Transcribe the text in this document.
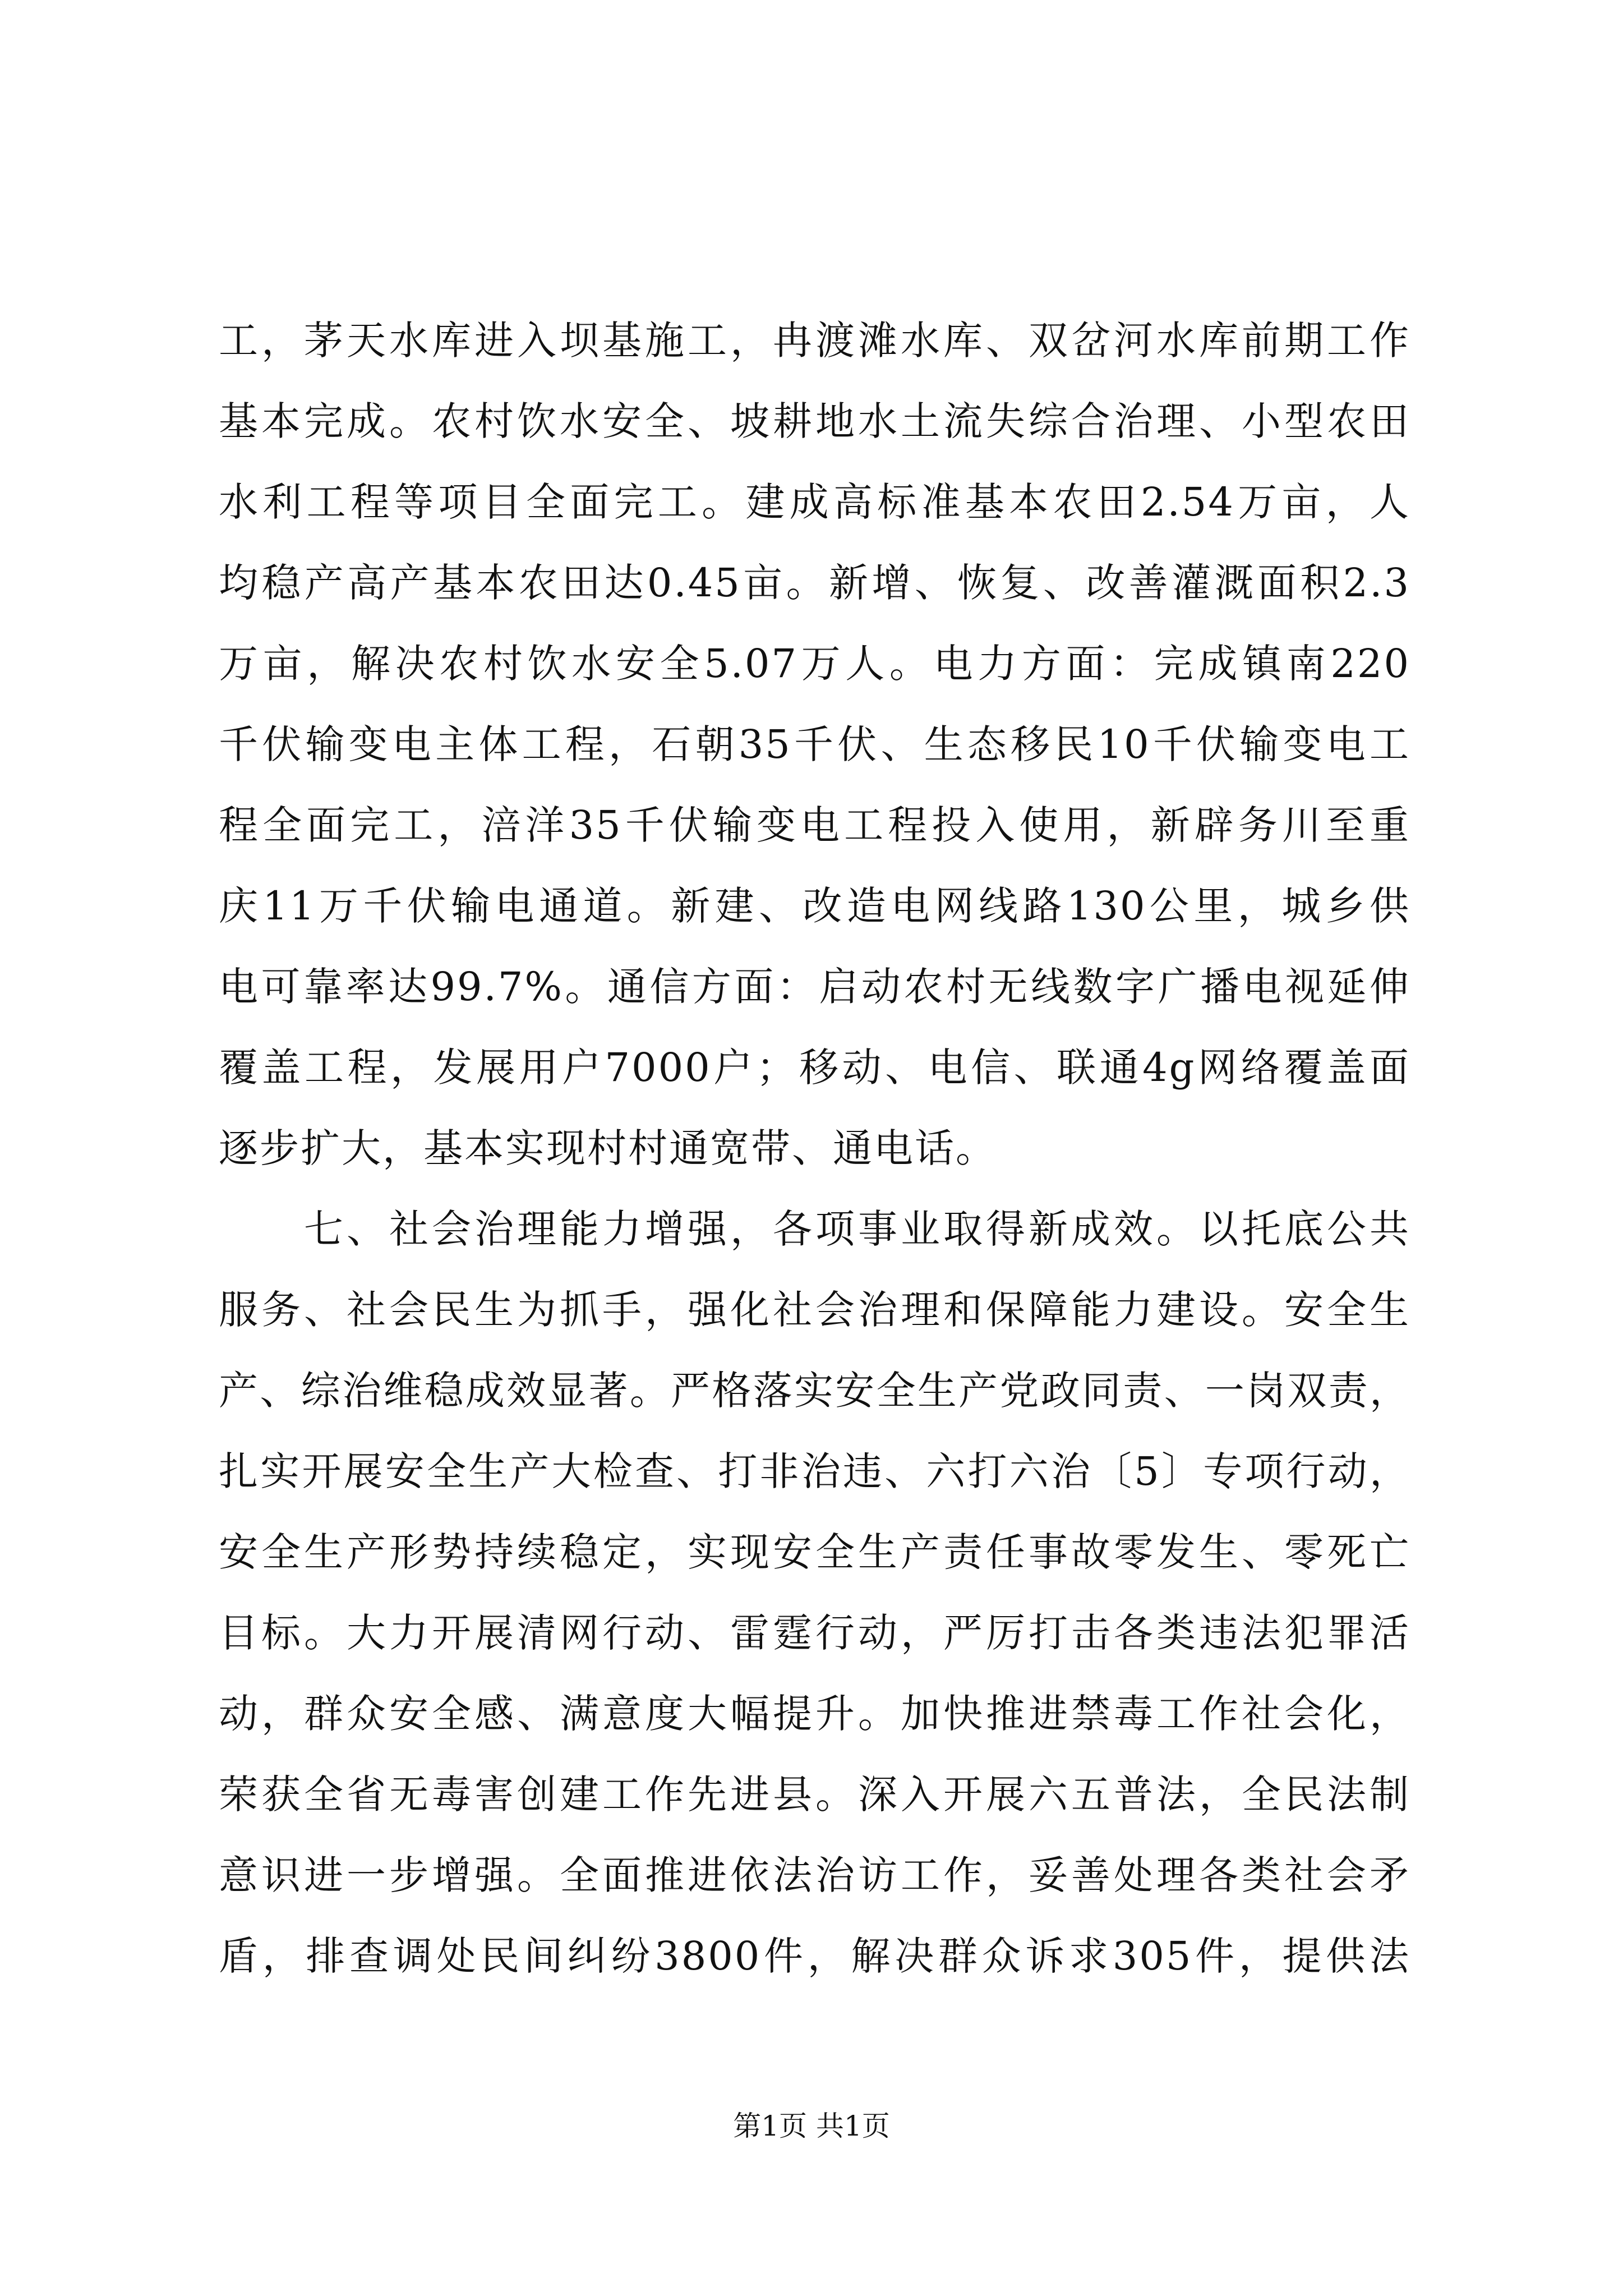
工，茅天水库进入坝基施工，冉渡滩水库、双岔河水库前期工作
基本完成。农村饮水安全、坡耕地水土流失综合治理、小型农田
水利工程等项目全面完工。建成高标准基本农田2.54万亩，人
均稳产高产基本农田达0.45亩。新增、恢复、改善灌溉面积2.3
万亩，解决农村饮水安全5.07万人。电力方面：完成镇南220
千伏输变电主体工程，石朝35千伏、生态移民10千伏输变电工
程全面完工，涪洋35千伏输变电工程投入使用，新辟务川至重
庆11万千伏输电通道。新建、改造电网线路130公里，城乡供
电可靠率达99.7%。通信方面：启动农村无线数字广播电视延伸
覆盖工程，发展用户7000户；移动、电信、联通4g网络覆盖面
逐步扩大，基本实现村村通宽带、通电话。
　　七、社会治理能力增强，各项事业取得新成效。以托底公共
服务、社会民生为抓手，强化社会治理和保障能力建设。安全生
产、综治维稳成效显著。严格落实安全生产党政同责、一岗双责，
扎实开展安全生产大检查、打非治违、六打六治〔5〕专项行动，
安全生产形势持续稳定，实现安全生产责任事故零发生、零死亡
目标。大力开展清网行动、雷霆行动，严厉打击各类违法犯罪活
动，群众安全感、满意度大幅提升。加快推进禁毒工作社会化，
荣获全省无毒害创建工作先进县。深入开展六五普法，全民法制
意识进一步增强。全面推进依法治访工作，妥善处理各类社会矛
盾，排查调处民间纠纷3800件，解决群众诉求305件，提供法
第1页 共1页
